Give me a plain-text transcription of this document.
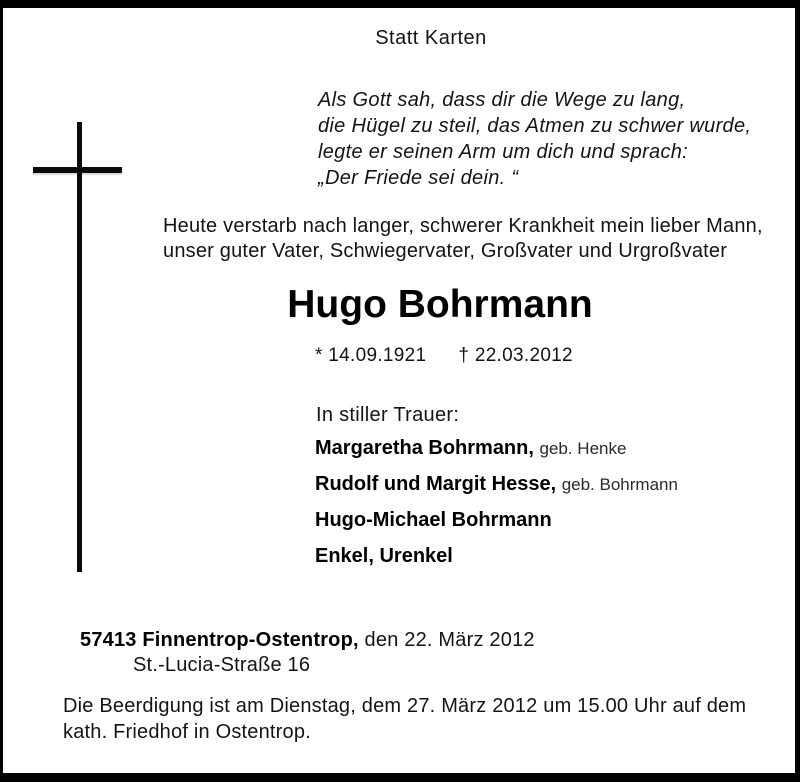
Statt Karten
Als Gott sah, dass dir die Wege zu lang,
die Hügel zu steil, das Atmen zu schwer wurde,
legte er seinen Arm um dich und sprach:
„Der Friede sei dein. “
Heute verstarb nach langer, schwerer Krankheit mein lieber Mann,
unser guter Vater, Schwiegervater, Großvater und Urgroßvater
Hugo Bohrmann
* 14.09.1921 † 22.03.2012
In stiller Trauer:
Margaretha Bohrmann, geb. Henke
Rudolf und Margit Hesse, geb. Bohrmann
Hugo-Michael Bohrmann
Enkel, Urenkel
57413 Finnentrop-Ostentrop, den 22. März 2012
St.-Lucia-Straße 16
Die Beerdigung ist am Dienstag, dem 27. März 2012 um 15.00 Uhr auf dem
kath. Friedhof in Ostentrop.
